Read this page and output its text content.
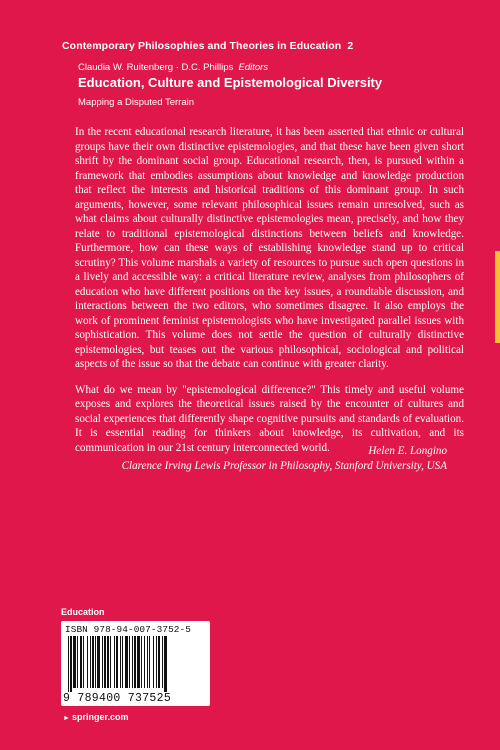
Contemporary Philosophies and Theories in Education 2
Claudia W. Ruitenberg · D.C. Phillips Editors
Education, Culture and Epistemological Diversity
Mapping a Disputed Terrain

In the recent educational research literature, it has been asserted that ethnic or cultural groups have their own distinctive epistemologies, and that these have been given short shrift by the dominant social group. Educational research, then, is pursued within a framework that embodies assumptions about knowledge and knowledge production that reflect the interests and historical traditions of this dominant group. In such arguments, however, some relevant philosophical issues remain unresolved, such as what claims about culturally distinctive epistemologies mean, precisely, and how they relate to traditional epistemological distinctions between beliefs and knowledge. Furthermore, how can these ways of establishing knowledge stand up to critical scrutiny? This volume marshals a variety of resources to pursue such open questions in a lively and accessible way: a critical literature review, analyses from philosophers of education who have different positions on the key issues, a roundtable discussion, and interactions between the two editors, who sometimes disagree. It also employs the work of prominent feminist epistemologists who have investigated parallel issues with sophistication. This volume does not settle the question of culturally distinctive epistemologies, but teases out the various philosophical, sociological and political aspects of the issue so that the debate can continue with greater clarity.

What do we mean by "epistemological difference?" This timely and useful volume exposes and explores the theoretical issues raised by the encounter of cultures and social experiences that differently shape cognitive pursuits and standards of evaluation. It is essential reading for thinkers about knowledge, its cultivation, and its communication in our 21st century interconnected world.	Helen E. Longino
Clarence Irving Lewis Professor in Philosophy, Stanford University, USA
Education
ISBN 978-94-007-3752-5
9 789400 737525
► springer.com
